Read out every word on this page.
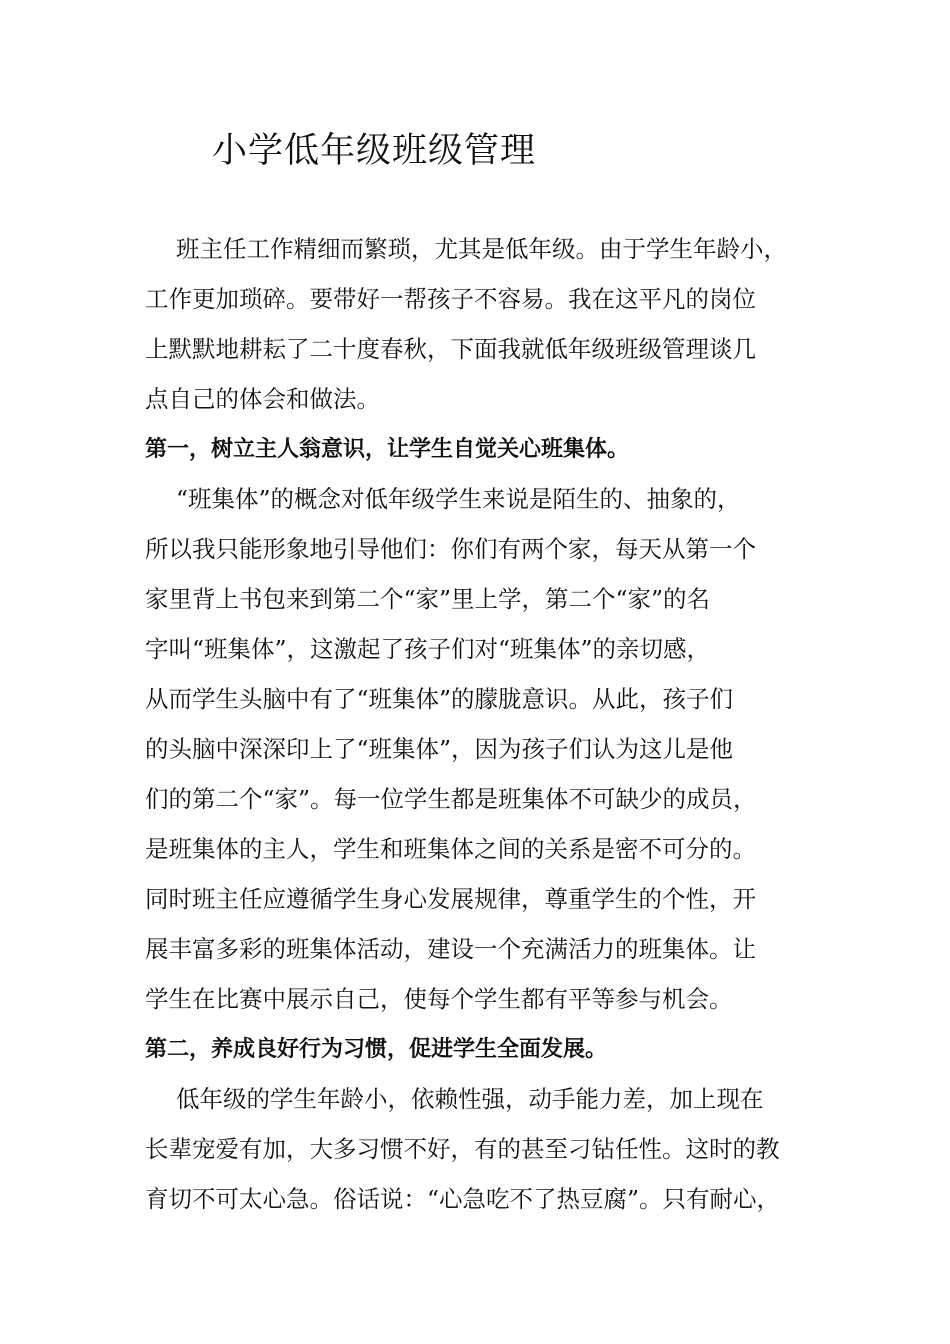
小学低年级班级管理
班主任工作精细而繁琐，尤其是低年级。由于学生年龄小，
工作更加琐碎。要带好一帮孩子不容易。我在这平凡的岗位
上默默地耕耘了二十度春秋，下面我就低年级班级管理谈几
点自己的体会和做法。
第一，树立主人翁意识，让学生自觉关心班集体。
“班集体”的概念对低年级学生来说是陌生的、抽象的，
所以我只能形象地引导他们：你们有两个家，每天从第一个
家里背上书包来到第二个“家”里上学，第二个“家”的名
字叫“班集体”，这激起了孩子们对“班集体”的亲切感，
从而学生头脑中有了“班集体”的朦胧意识。从此，孩子们
的头脑中深深印上了“班集体”，因为孩子们认为这儿是他
们的第二个“家”。每一位学生都是班集体不可缺少的成员，
是班集体的主人，学生和班集体之间的关系是密不可分的。
同时班主任应遵循学生身心发展规律，尊重学生的个性，开
展丰富多彩的班集体活动，建设一个充满活力的班集体。让
学生在比赛中展示自己，使每个学生都有平等参与机会。
第二，养成良好行为习惯，促进学生全面发展。
低年级的学生年龄小，依赖性强，动手能力差，加上现在
长辈宠爱有加，大多习惯不好，有的甚至刁钻任性。这时的教
育切不可太心急。俗话说：“心急吃不了热豆腐”。只有耐心，
